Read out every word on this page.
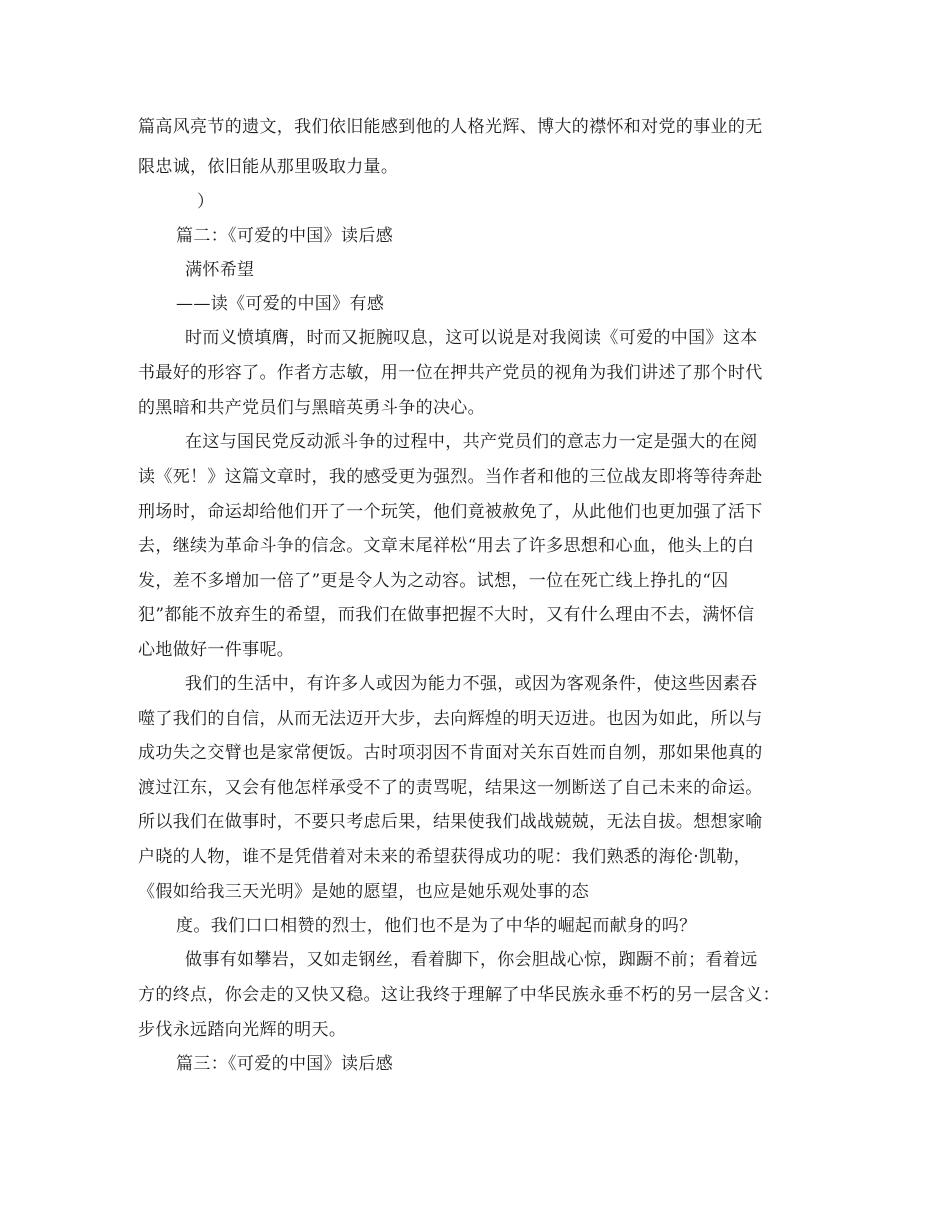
篇高风亮节的遗文，我们依旧能感到他的人格光辉、博大的襟怀和对党的事业的无
限忠诚，依旧能从那里吸取力量。
）
篇二：《可爱的中国》读后感
满怀希望
——读《可爱的中国》有感
时而义愤填膺，时而又扼腕叹息，这可以说是对我阅读《可爱的中国》这本
书最好的形容了。作者方志敏，用一位在押共产党员的视角为我们讲述了那个时代
的黑暗和共产党员们与黑暗英勇斗争的决心。
在这与国民党反动派斗争的过程中，共产党员们的意志力一定是强大的在阅
读《死！》这篇文章时，我的感受更为强烈。当作者和他的三位战友即将等待奔赴
刑场时，命运却给他们开了一个玩笑，他们竟被赦免了，从此他们也更加强了活下
去，继续为革命斗争的信念。文章末尾祥松“用去了许多思想和心血，他头上的白
发，差不多增加一倍了”更是令人为之动容。试想，一位在死亡线上挣扎的“囚
犯”都能不放弃生的希望，而我们在做事把握不大时，又有什么理由不去，满怀信
心地做好一件事呢。
我们的生活中，有许多人或因为能力不强，或因为客观条件，使这些因素吞
噬了我们的自信，从而无法迈开大步，去向辉煌的明天迈进。也因为如此，所以与
成功失之交臂也是家常便饭。古时项羽因不肯面对关东百姓而自刎，那如果他真的
渡过江东，又会有他怎样承受不了的责骂呢，结果这一刎断送了自己未来的命运。
所以我们在做事时，不要只考虑后果，结果使我们战战兢兢，无法自拔。想想家喻
户晓的人物，谁不是凭借着对未来的希望获得成功的呢：我们熟悉的海伦·凯勒，
《假如给我三天光明》是她的愿望，也应是她乐观处事的态
度。我们口口相赞的烈士，他们也不是为了中华的崛起而献身的吗？
做事有如攀岩，又如走钢丝，看着脚下，你会胆战心惊，踟蹰不前；看着远
方的终点，你会走的又快又稳。这让我终于理解了中华民族永垂不朽的另一层含义：
步伐永远踏向光辉的明天。
篇三：《可爱的中国》读后感
